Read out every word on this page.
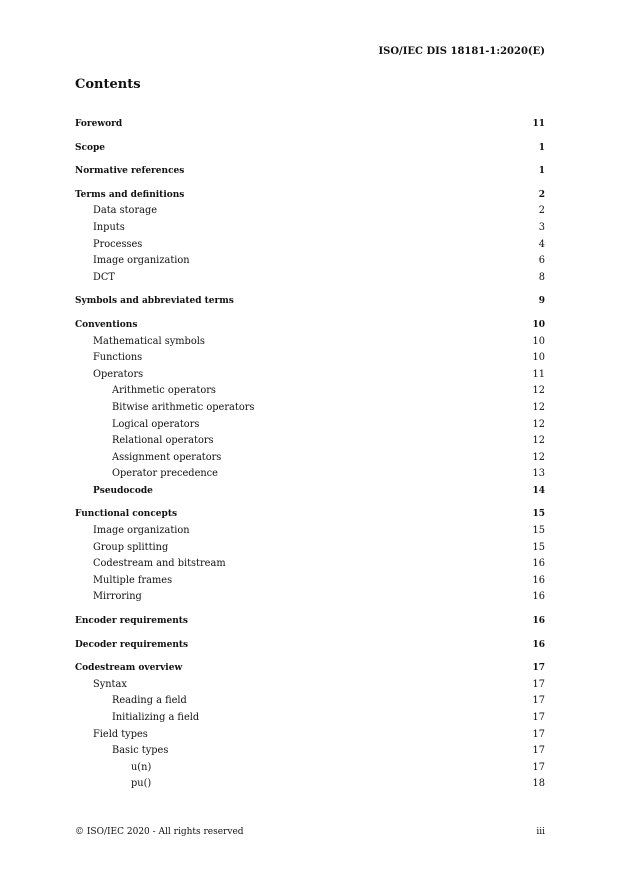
ISO/IEC DIS 18181-1:2020(E)
Contents
Foreword	11
Scope	1
Normative references	1
Terms and definitions	2
Data storage	2
Inputs	3
Processes	4
Image organization	6
DCT	8
Symbols and abbreviated terms	9
Conventions	10
Mathematical symbols	10
Functions	10
Operators	11
Arithmetic operators	12
Bitwise arithmetic operators	12
Logical operators	12
Relational operators	12
Assignment operators	12
Operator precedence	13
Pseudocode	14
Functional concepts	15
Image organization	15
Group splitting	15
Codestream and bitstream	16
Multiple frames	16
Mirroring	16
Encoder requirements	16
Decoder requirements	16
Codestream overview	17
Syntax	17
Reading a field	17
Initializing a field	17
Field types	17
Basic types	17
u(n)	17
pu()	18
© ISO/IEC 2020 - All rights reserved	iii
